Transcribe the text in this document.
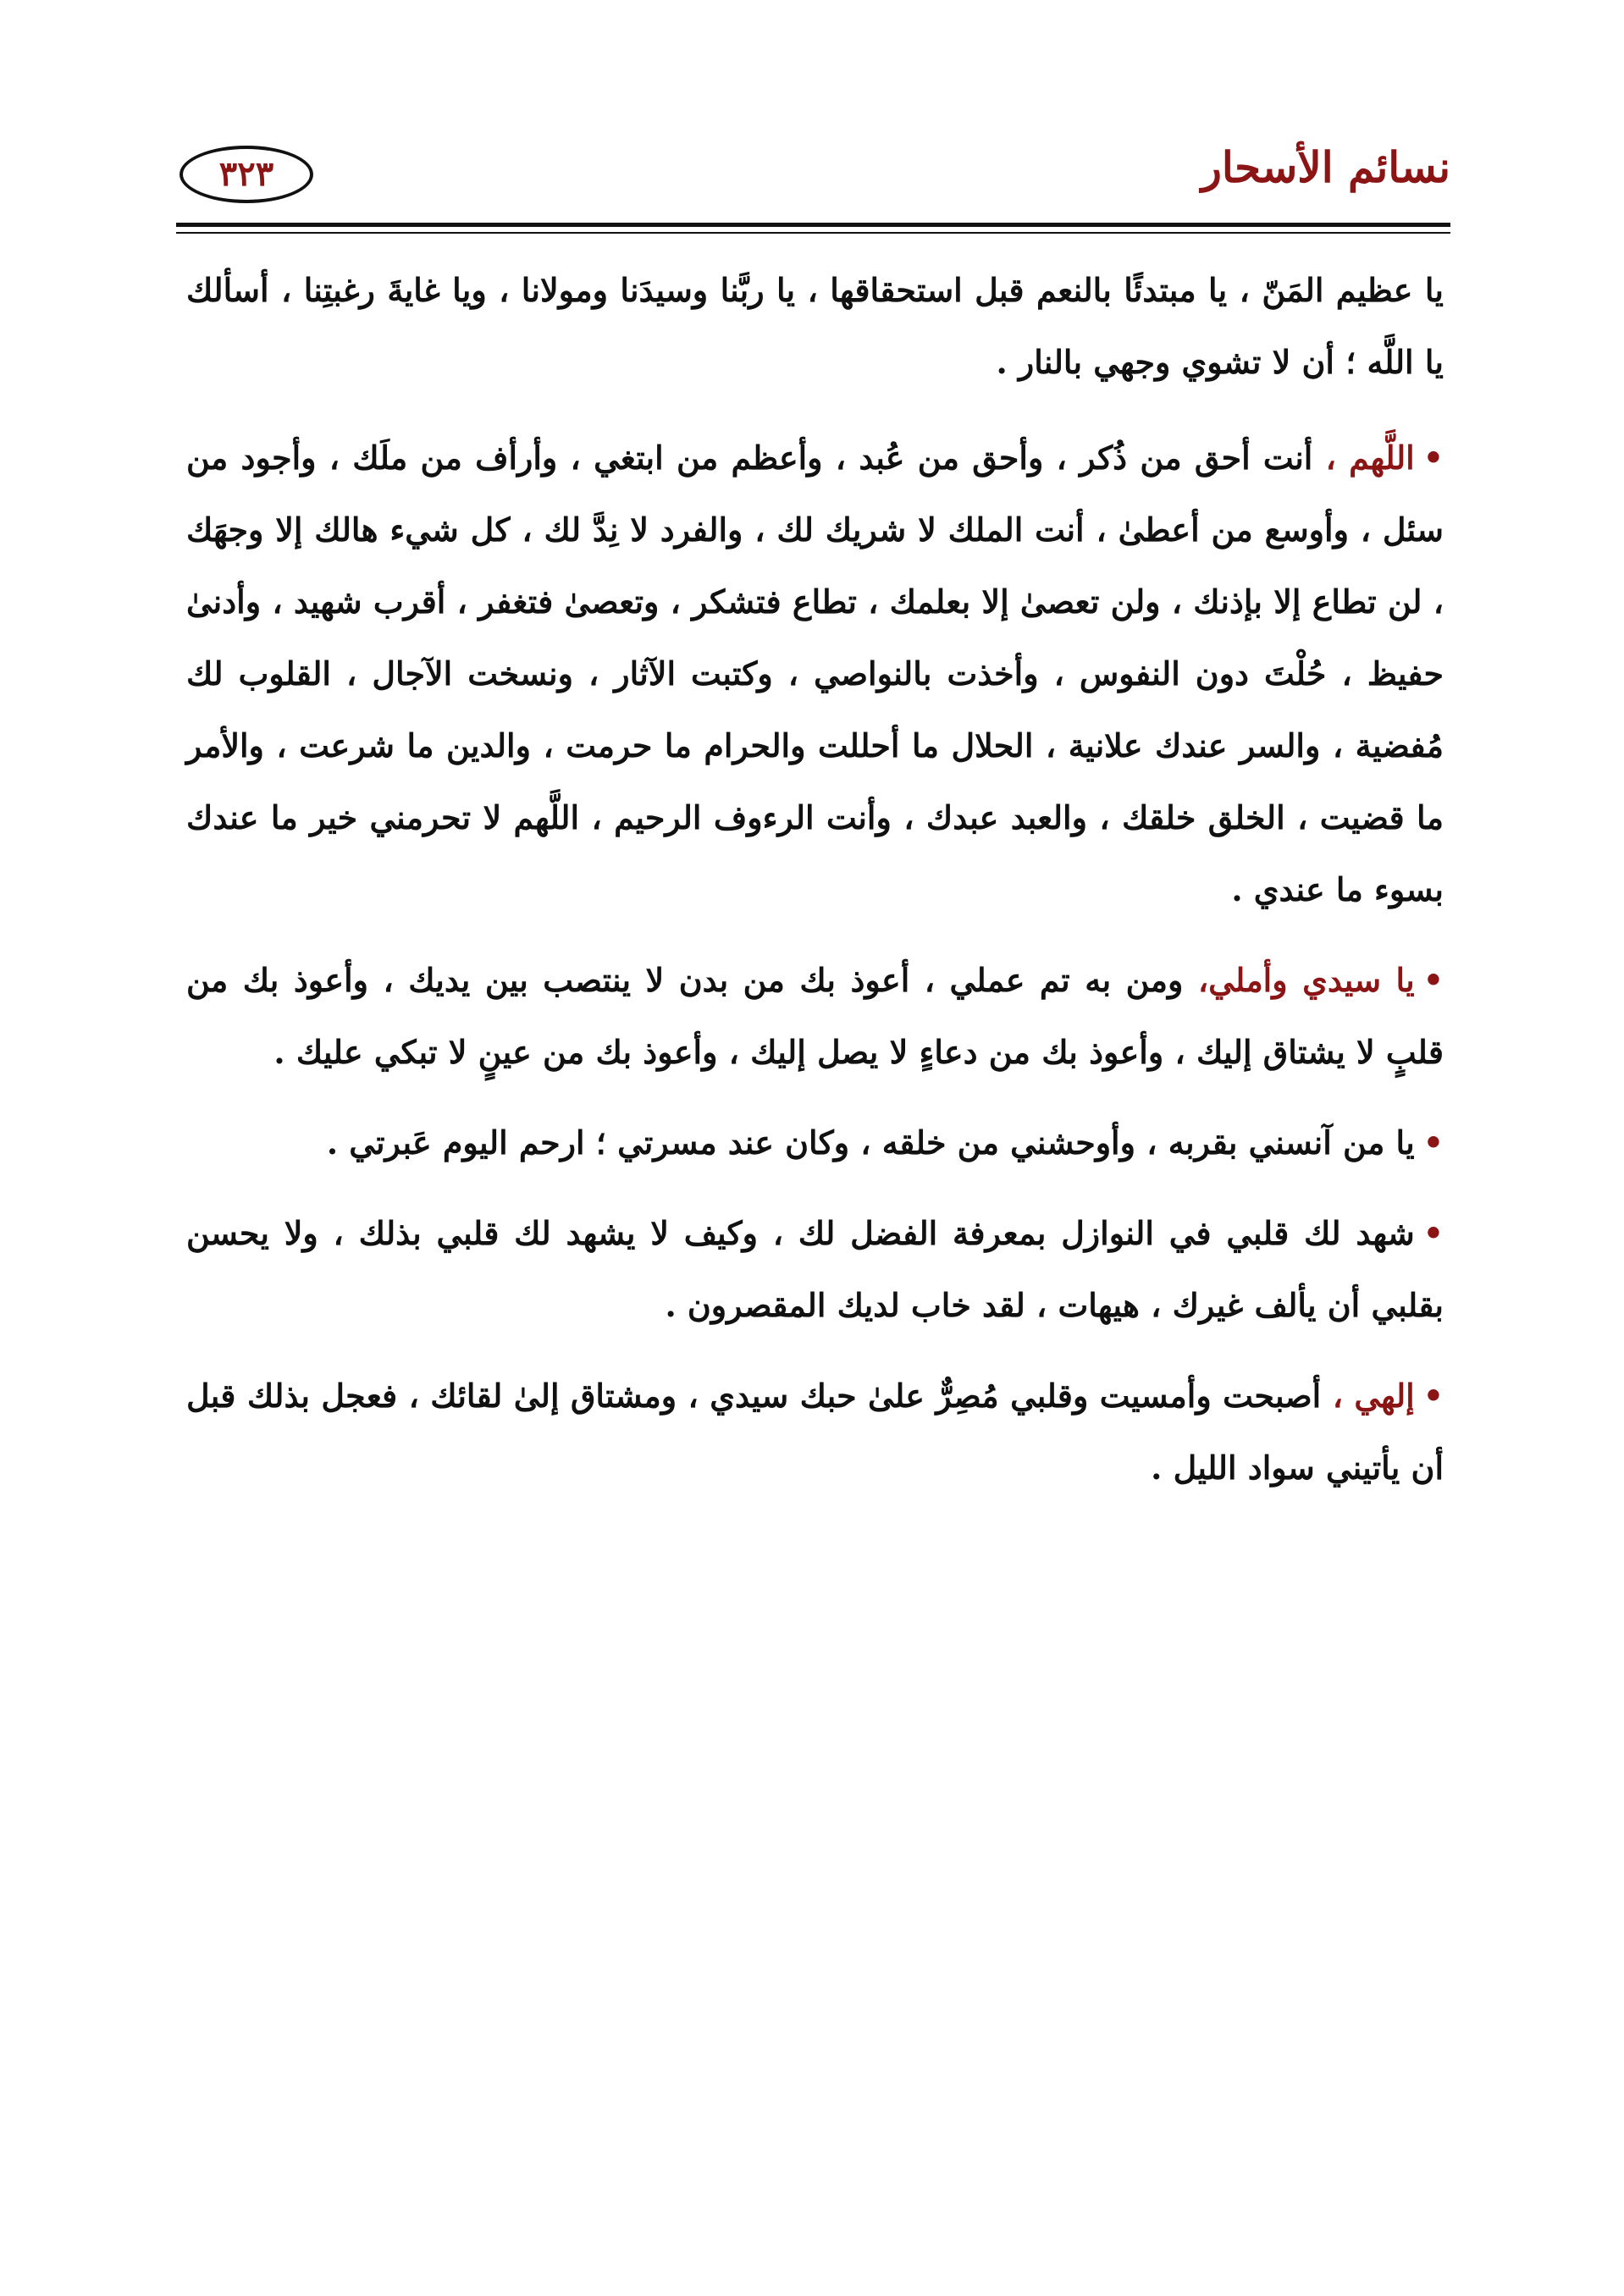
نسائم الأسحار
٣٢٣

يا عظيم المَنّ ، يا مبتدئًا بالنعم قبل استحقاقها ، يا ربَّنا وسيدَنا ومولانا ، ويا غايةَ رغبتِنا ، أسألك يا اللَّه ؛ أن لا تشوي وجهي بالنار .

•اللَّهم ، أنت أحق من ذُكر ، وأحق من عُبد ، وأعظم من ابتغي ، وأرأف من ملَك ، وأجود من سئل ، وأوسع من أعطىٰ ، أنت الملك لا شريك لك ، والفرد لا نِدَّ لك ، كل شيء هالك إلا وجهَك ، لن تطاع إلا بإذنك ، ولن تعصىٰ إلا بعلمك ، تطاع فتشكر ، وتعصىٰ فتغفر ، أقرب شهيد ، وأدنىٰ حفيظ ، حُلْتَ دون النفوس ، وأخذت بالنواصي ، وكتبت الآثار ، ونسخت الآجال ، القلوب لك مُفضية ، والسر عندك علانية ، الحلال ما أحللت والحرام ما حرمت ، والدين ما شرعت ، والأمر ما قضيت ، الخلق خلقك ، والعبد عبدك ، وأنت الرءوف الرحيم ، اللَّهم لا تحرمني خير ما عندك بسوء ما عندي .

•يا سيدي وأملي، ومن به تم عملي ، أعوذ بك من بدن لا ينتصب بين يديك ، وأعوذ بك من قلبٍ لا يشتاق إليك ، وأعوذ بك من دعاءٍ لا يصل إليك ، وأعوذ بك من عينٍ لا تبكي عليك .

•يا من آنسني بقربه ، وأوحشني من خلقه ، وكان عند مسرتي ؛ ارحم اليوم عَبرتي .

•شهد لك قلبي في النوازل بمعرفة الفضل لك ، وكيف لا يشهد لك قلبي بذلك ، ولا يحسن بقلبي أن يألف غيرك ، هيهات ، لقد خاب لديك المقصرون .

•إلهي ، أصبحت وأمسيت وقلبي مُصِرٌّ علىٰ حبك سيدي ، ومشتاق إلىٰ لقائك ، فعجل بذلك قبل أن يأتيني سواد الليل .
